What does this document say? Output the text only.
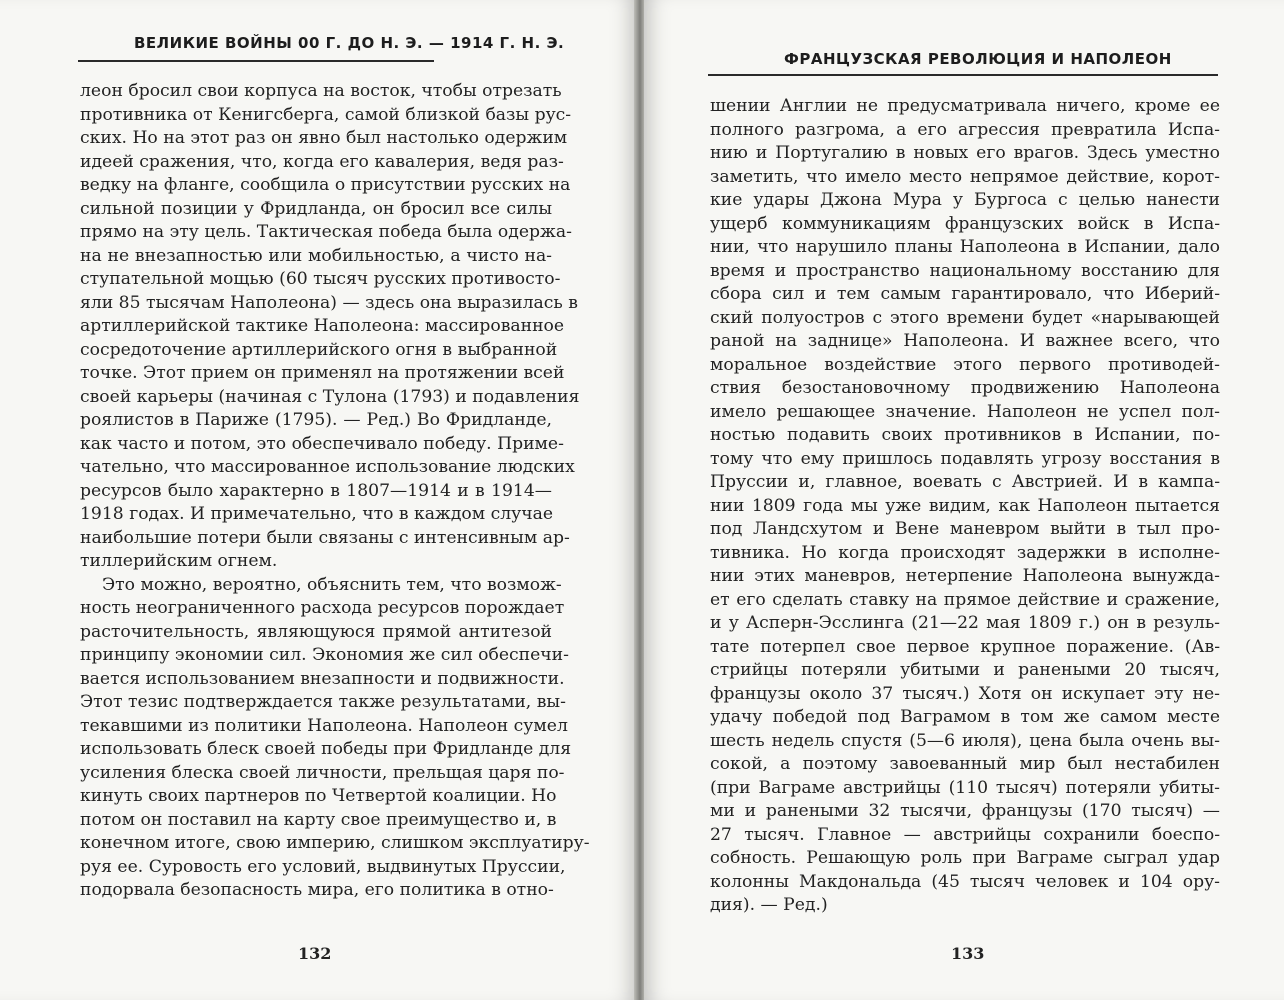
ВЕЛИКИЕ ВОЙНЫ 00 Г. ДО Н. Э. — 1914 Г. Н. Э.
леон бросил свои корпуса на восток, чтобы отрезать
противника от Кенигсберга, самой близкой базы рус-
ских. Но на этот раз он явно был настолько одержим
идеей сражения, что, когда его кавалерия, ведя раз-
ведку на фланге, сообщила о присутствии русских на
сильной позиции у Фридланда, он бросил все силы
прямо на эту цель. Тактическая победа была одержа-
на не внезапностью или мобильностью, а чисто на-
ступательной мощью (60 тысяч русских противосто-
яли 85 тысячам Наполеона) — здесь она выразилась в
артиллерийской тактике Наполеона: массированное
сосредоточение артиллерийского огня в выбранной
точке. Этот прием он применял на протяжении всей
своей карьеры (начиная с Тулона (1793) и подавления
роялистов в Париже (1795). — Ред.) Во Фридланде,
как часто и потом, это обеспечивало победу. Приме-
чательно, что массированное использование людских
ресурсов было характерно в 1807—1914 и в 1914—
1918 годах. И примечательно, что в каждом случае
наибольшие потери были связаны с интенсивным ар-
тиллерийским огнем.
Это можно, вероятно, объяснить тем, что возмож-
ность неограниченного расхода ресурсов порождает
расточительность, являющуюся прямой антитезой
принципу экономии сил. Экономия же сил обеспечи-
вается использованием внезапности и подвижности.
Этот тезис подтверждается также результатами, вы-
текавшими из политики Наполеона. Наполеон сумел
использовать блеск своей победы при Фридланде для
усиления блеска своей личности, прельщая царя по-
кинуть своих партнеров по Четвертой коалиции. Но
потом он поставил на карту свое преимущество и, в
конечном итоге, свою империю, слишком эксплуатиру-
руя ее. Суровость его условий, выдвинутых Пруссии,
подорвала безопасность мира, его политика в отно-
132
ФРАНЦУЗСКАЯ РЕВОЛЮЦИЯ И НАПОЛЕОН
шении Англии не предусматривала ничего, кроме ее
полного разгрома, а его агрессия превратила Испа-
нию и Португалию в новых его врагов. Здесь уместно
заметить, что имело место непрямое действие, корот-
кие удары Джона Мура у Бургоса с целью нанести
ущерб коммуникациям французских войск в Испа-
нии, что нарушило планы Наполеона в Испании, дало
время и пространство национальному восстанию для
сбора сил и тем самым гарантировало, что Иберий-
ский полуостров с этого времени будет «нарывающей
раной на заднице» Наполеона. И важнее всего, что
моральное воздействие этого первого противодей-
ствия безостановочному продвижению Наполеона
имело решающее значение. Наполеон не успел пол-
ностью подавить своих противников в Испании, по-
тому что ему пришлось подавлять угрозу восстания в
Пруссии и, главное, воевать с Австрией. И в кампа-
нии 1809 года мы уже видим, как Наполеон пытается
под Ландсхутом и Вене маневром выйти в тыл про-
тивника. Но когда происходят задержки в исполне-
нии этих маневров, нетерпение Наполеона вынужда-
ет его сделать ставку на прямое действие и сражение,
и у Асперн-Эсслинга (21—22 мая 1809 г.) он в резуль-
тате потерпел свое первое крупное поражение. (Ав-
стрийцы потеряли убитыми и ранеными 20 тысяч,
французы около 37 тысяч.) Хотя он искупает эту не-
удачу победой под Ваграмом в том же самом месте
шесть недель спустя (5—6 июля), цена была очень вы-
сокой, а поэтому завоеванный мир был нестабилен
(при Ваграме австрийцы (110 тысяч) потеряли убиты-
ми и ранеными 32 тысячи, французы (170 тысяч) —
27 тысяч. Главное — австрийцы сохранили боеспо-
собность. Решающую роль при Ваграме сыграл удар
колонны Макдональда (45 тысяч человек и 104 ору-
дия). — Ред.)
133
